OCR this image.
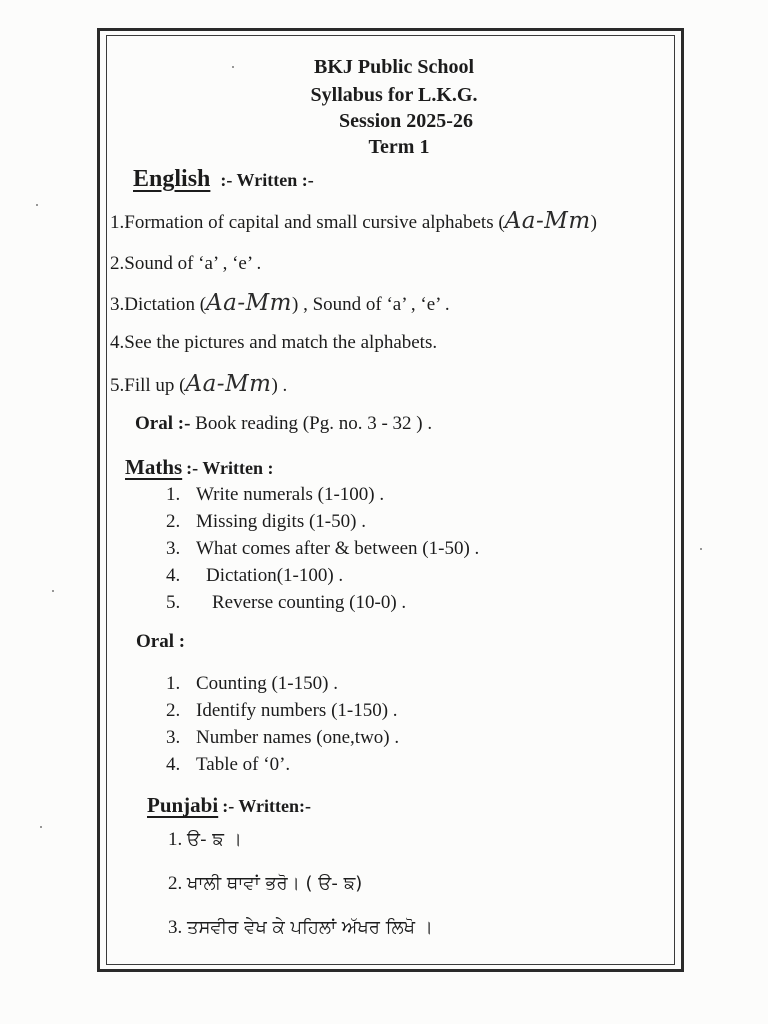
BKJ Public School
Syllabus for L.K.G.
Session 2025-26
Term 1
English :- Written :-
1.Formation of capital and small cursive alphabets (Aa-Mm)
2.Sound of ‘a’ , ‘e’ .
3.Dictation (Aa-Mm) , Sound of ‘a’ , ‘e’ .
4.See the pictures and match the alphabets.
5.Fill up (Aa-Mm) .
Oral :- Book reading (Pg. no. 3 - 32 ) .
Maths :- Written :
1. Write numerals (1-100) .
2. Missing digits (1-50) .
3. What comes after & between (1-50) .
4. Dictation(1-100) .
5. Reverse counting (10-0) .
Oral :
1. Counting (1-150) .
2. Identify numbers (1-150) .
3. Number names (one,two) .
4. Table of ‘0’.
Punjabi :- Written:-
1. ੳ- ਙ ।
2. ਖਾਲੀ ਥਾਵਾਂ ਭਰੋ। ( ੳ- ਙ)
3. ਤਸਵੀਰ ਵੇਖ ਕੇ ਪਹਿਲਾਂ ਅੱਖਰ ਲਿਖੋ ।
